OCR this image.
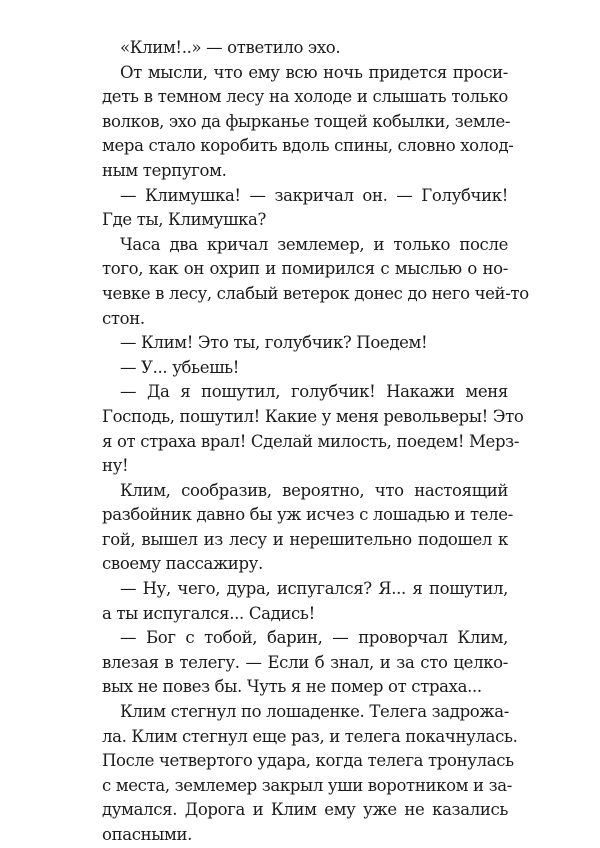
«Клим!..» — ответило эхо.
От мысли, что ему всю ночь придется проси-
деть в темном лесу на холоде и слышать только
волков, эхо да фырканье тощей кобылки, земле-
мера стало коробить вдоль спины, словно холод-
ным терпугом.
— Климушка! — закричал он. — Голубчик!
Где ты, Климушка?
Часа два кричал землемер, и только после
того, как он охрип и помирился с мыслью о но-
чевке в лесу, слабый ветерок донес до него чей-то
стон.
— Клим! Это ты, голубчик? Поедем!
— У... убьешь!
— Да я пошутил, голубчик! Накажи меня
Господь, пошутил! Какие у меня револьверы! Это
я от страха врал! Сделай милость, поедем! Мерз-
ну!
Клим, сообразив, вероятно, что настоящий
разбойник давно бы уж исчез с лошадью и теле-
гой, вышел из лесу и нерешительно подошел к
своему пассажиру.
— Ну, чего, дура, испугался? Я... я пошутил,
а ты испугался... Садись!
— Бог с тобой, барин, — проворчал Клим,
влезая в телегу. — Если б знал, и за сто целко-
вых не повез бы. Чуть я не помер от страха...
Клим стегнул по лошаденке. Телега задрожа-
ла. Клим стегнул еще раз, и телега покачнулась.
После четвертого удара, когда телега тронулась
с места, землемер закрыл уши воротником и за-
думался. Дорога и Клим ему уже не казались
опасными.
